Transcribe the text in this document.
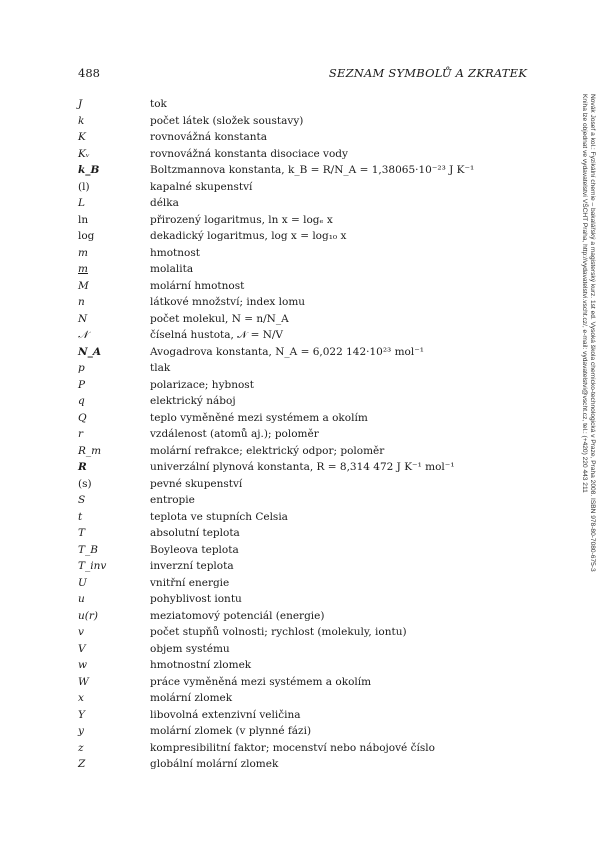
488	SEZNAM SYMBOLŮ A ZKRATEK
J	tok
k	počet látek (složek soustavy)
K	rovnovážná konstanta
Kᵥ	rovnovážná konstanta disociace vody
k_B	Boltzmannova konstanta, k_B = R/N_A = 1,38065·10⁻²³ J K⁻¹
(l)	kapalné skupenství
L	délka
ln	přirozený logaritmus, ln x = logₑ x
log	dekadický logaritmus, log x = log₁₀ x
m	hmotnost
m	molalita
M	molární hmotnost
n	látkové množství; index lomu
N	počet molekul, N = n/N_A
𝒩	číselná hustota, 𝒩 = N/V
N_A	Avogadrova konstanta, N_A = 6,022 142·10²³ mol⁻¹
p	tlak
P	polarizace; hybnost
q	elektrický náboj
Q	teplo vyměněné mezi systémem a okolím
r	vzdálenost (atomů aj.); poloměr
R_m	molární refrakce; elektrický odpor; poloměr
R	univerzální plynová konstanta, R = 8,314 472 J K⁻¹ mol⁻¹
(s)	pevné skupenství
S	entropie
t	teplota ve stupních Celsia
T	absolutní teplota
T_B	Boyleova teplota
T_inv	inverzní teplota
U	vnitřní energie
u	pohyblivost iontu
u(r)	meziatomový potenciál (energie)
v	počet stupňů volnosti; rychlost (molekuly, iontu)
V	objem systému
w	hmotnostní zlomek
W	práce vyměněná mezi systémem a okolím
x	molární zlomek
Y	libovolná extenzivní veličina
y	molární zlomek (v plynné fázi)
z	kompresibilitní faktor; mocenství nebo nábojové číslo
Z	globální molární zlomek
Novák Josef a kol.: Fyzikální chemie – bakalářský a magisterský kurz. 1st ed. Vysoká škola chemicko-technologická v Praze, Praha 2008. ISBN 978-80-7080-675-3
Kniha lze objednat ve vydavatelství VŠCHT Praha, http://vydavatelstvi.vscht.cz/, e-mail: vydavatelstvi@vscht.cz, tel.: (+420) 220 443 211
